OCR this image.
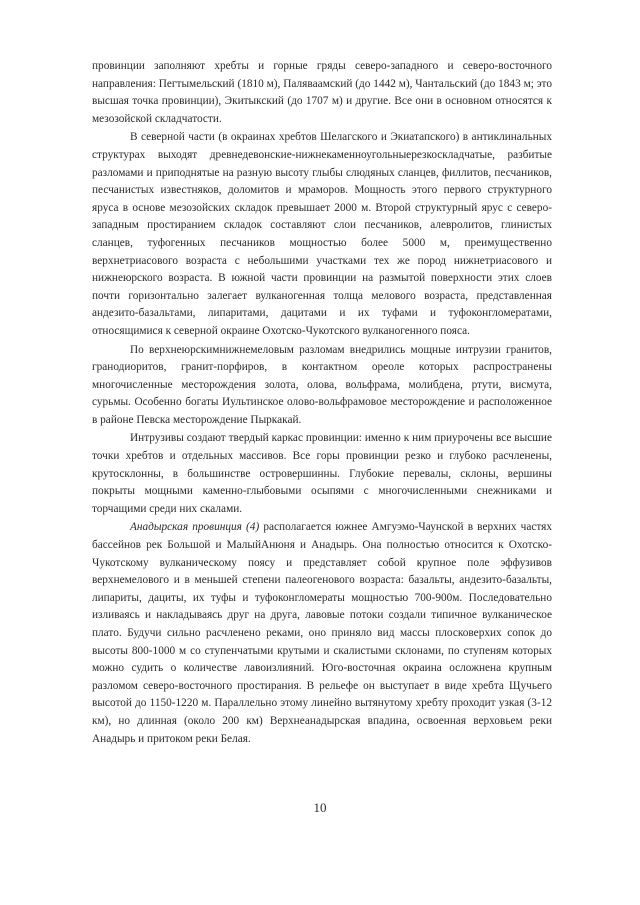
провинции заполняют хребты и горные гряды северо-западного и северо-восточного направления: Пегтымельский (1810 м), Палявaамский (до 1442 м), Чантальский (до 1843 м; это высшая точка провинции), Экитыкский (до 1707 м) и другие. Все они в основном относятся к мезозойской складчатости.

В северной части (в окраинах хребтов Шелагского и Экиатапского) в антиклинальных структурах выходят древнедевонские-нижнекаменноугольныерезкоскладчатые, разбитые разломами и приподнятые на разную высоту глыбы слюдяных сланцев, филлитов, песчаников, песчанистых известняков, доломитов и мраморов. Мощность этого первого структурного яруса в основе мезозойских складок превышает 2000 м. Второй структурный ярус с северо-западным простиранием складок составляют слои песчаников, алевролитов, глинистых сланцев, туфогенных песчаников мощностью более 5000 м, преимущественно верхнетриасового возраста с небольшими участками тех же пород нижнетриасового и нижнеюрского возраста. В южной части провинции на размытой поверхности этих слоев почти горизонтально залегает вулканогенная толща мелового возраста, представленная андезито-базальтами, липаритами, дацитами и их туфами и туфоконгломератами, относящимися к северной окраине Охотско-Чукотского вулканогенного пояса.

По верхнеюрскимнижнемеловым разломам внедрились мощные интрузии гранитов, гранодиоритов, гранит-порфиров, в контактном ореоле которых распространены многочисленные месторождения золота, олова, вольфрама, молибдена, ртути, висмута, сурьмы. Особенно богаты Иультинское олово-вольфрамовое месторождение и расположенное в районе Певска месторождение Пыркакай.

Интрузивы создают твердый каркас провинции: именно к ним приурочены все высшие точки хребтов и отдельных массивов. Все горы провинции резко и глубоко расчленены, крутосклонны, в большинстве островершинны. Глубокие перевалы, склоны, вершины покрыты мощными каменно-глыбовыми осыпями с многочисленными снежниками и торчащими среди них скалами.

Анадырская провинция (4) располагается южнее Амгуэмо-Чаунской в верхних частях бассейнов рек Большой и МалыйАнюня и Анадырь. Она полностью относится к Охотско-Чукотскому вулканическому поясу и представляет собой крупное поле эффузивов верхнемелового и в меньшей степени палеогенового возраста: базальты, андезито-базальты, липариты, дациты, их туфы и туфоконгломераты мощностью 700-900м. Последовательно изливаясь и накладываясь друг на друга, лавовые потоки создали типичное вулканическое плато. Будучи сильно расчленено реками, оно приняло вид массы плосковерхих сопок до высоты 800-1000 м со ступенчатыми крутыми и скалистыми склонами, по ступеням которых можно судить о количестве лавоизлияний. Юго-восточная окраина осложнена крупным разломом северо-восточного простирания. В рельефе он выступает в виде хребта Щучьего высотой до 1150-1220 м. Параллельно этому линейно вытянутому хребту проходит узкая (3-12 км), но длинная (около 200 км) Верхнеанадырская впадина, освоенная верховьем реки Анадырь и притоком реки Белая.

10
